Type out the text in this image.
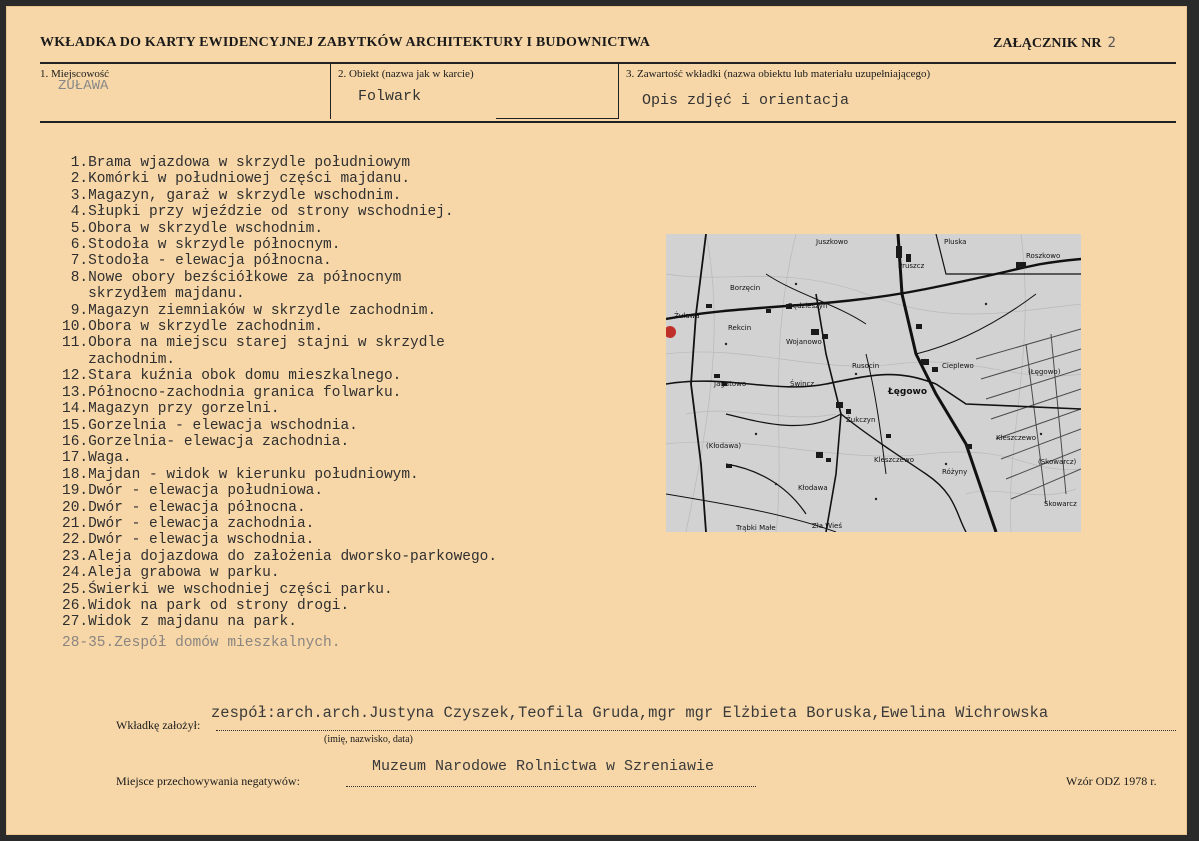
WKŁADKA DO KARTY EWIDENCYJNEJ ZABYTKÓW ARCHITEKTURY I BUDOWNICTWA	ZAŁĄCZNIK NR 2
1. Miejscowość
ZUŁAWA
2. Obiekt (nazwa jak w karcie)
Folwark
3. Zawartość wkładki (nazwa obiektu lub materiału uzupełniającego)
Opis zdjęć i orientacja
1.Brama wjazdowa w skrzydle południowym
2.Komórki w południowej części majdanu.
3.Magazyn, garaż w skrzydle wschodnim.
4.Słupki przy wjeździe od strony wschodniej.
5.Obora w skrzydle wschodnim.
6.Stodoła w skrzydle północnym.
7.Stodoła - elewacja północna.
8.Nowe obory bezściółkowe za północnym
skrzydłem majdanu.
9.Magazyn ziemniaków w skrzydle zachodnim.
10.Obora w skrzydle zachodnim.
11.Obora na miejscu starej stajni w skrzydle
zachodnim.
12.Stara kuźnia obok domu mieszkalnego.
13.Północno-zachodnia granica folwarku.
14.Magazyn przy gorzelni.
15.Gorzelnia - elewacja wschodnia.
16.Gorzelnia- elewacja zachodnia.
17.Waga.
18.Majdan - widok w kierunku południowym.
19.Dwór - elewacja południowa.
20.Dwór - elewacja północna.
21.Dwór - elewacja zachodnia.
22.Dwór - elewacja wschodnia.
23.Aleja dojazdowa do założenia dworsko-parkowego.
24.Aleja grabowa w parku.
25.Świerki we wschodniej części parku.
26.Widok na park od strony drogi.
27.Widok z majdanu na park.
28-35.Zespół domów mieszkalnych.
Juszkowo
Pruszcz
Pluska
Roszkowo
Borzęcin
Będzieszyn
Żuława
Rekcin
Wojanowo
Cieplewo
Rusocin
(Łęgowo)
Jagatowo	Świncz
Łęgowo
Żukczyn
Kleszczewo
(Kłodawa)
Kleszczewo	(Skowarcz)
Kłodawa
Różyny
Skowarcz
Trąbki Małe	Zła Wieś
Wkładkę założył:
zespół:arch.arch.Justyna Czyszek,Teofila Gruda,mgr mgr Elżbieta Boruska,Ewelina Wichrowska
(imię, nazwisko, data)
Miejsce przechowywania negatywów:
Muzeum Narodowe Rolnictwa w Szreniawie
Wzór ODZ 1978 r.
